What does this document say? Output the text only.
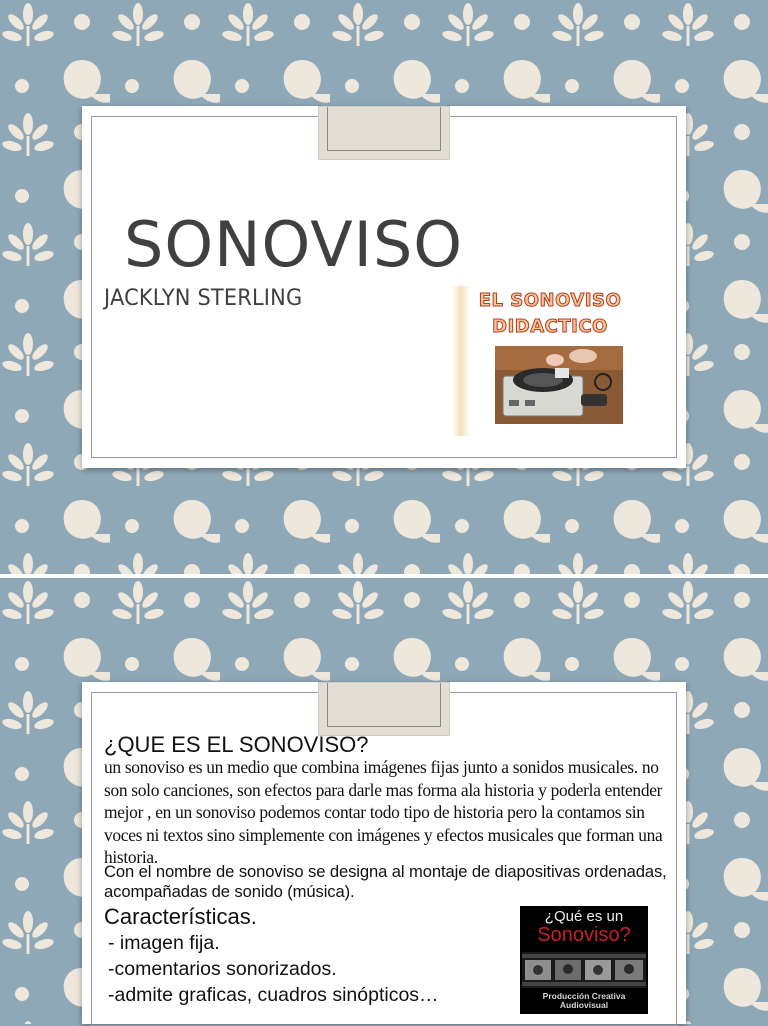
SONOVISO
JACKLYN STERLING	EL SONOVISO
DIDACTICO
¿QUE ES EL SONOVISO?

un sonoviso es un medio que combina imágenes fijas junto a sonidos musicales. no son solo canciones, son efectos para darle mas forma ala historia y poderla entender mejor , en un sonoviso podemos contar todo tipo de historia pero la contamos sin voces ni textos sino simplemente con imágenes y efectos musicales que forman una historia.

Con el nombre de sonoviso se designa al montaje de diapositivas ordenadas, acompañadas de sonido (música).

Características.
- imagen fija.
-comentarios sonorizados.
-admite graficas, cuadros sinópticos…
¿Qué es un
Sonoviso?
Producción Creativa
Audiovisual
